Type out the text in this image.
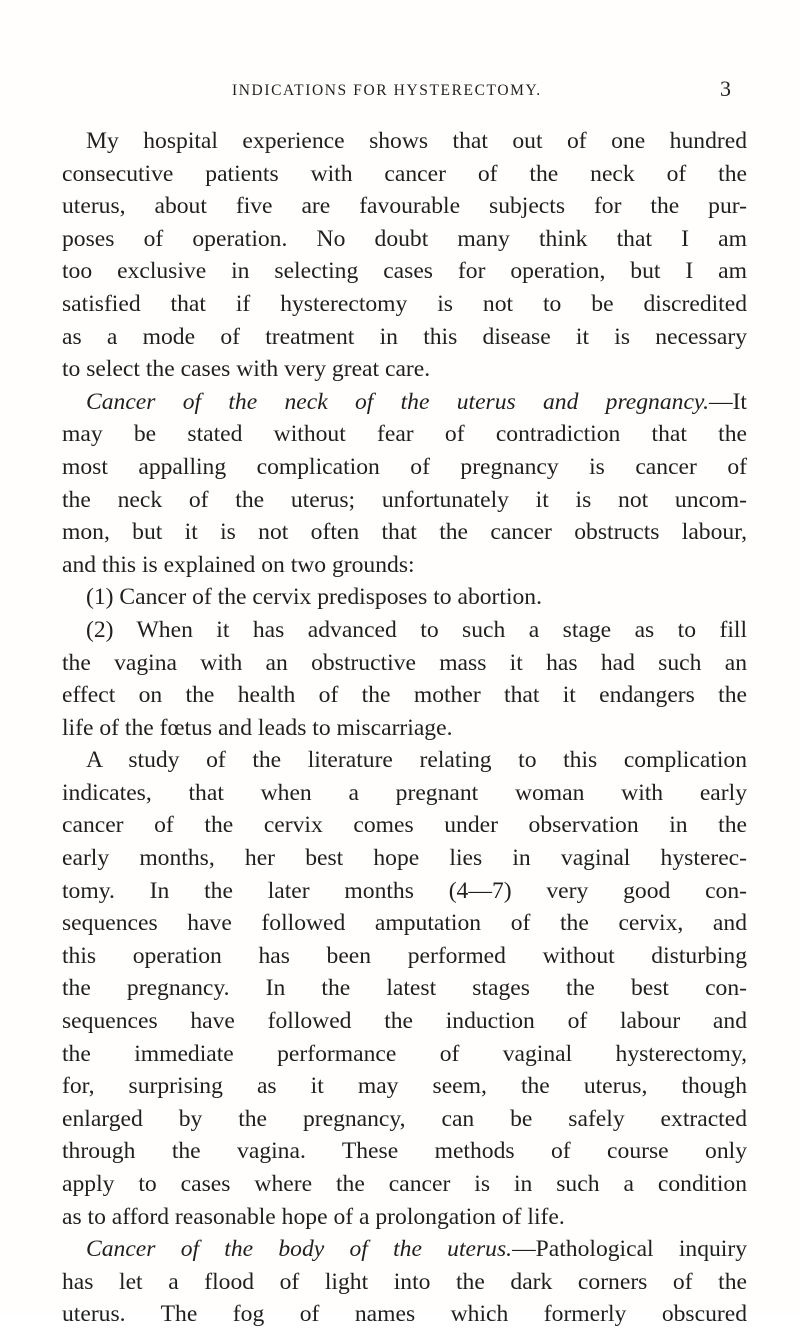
INDICATIONS FOR HYSTERECTOMY.	3
My hospital experience shows that out of one hundred
consecutive patients with cancer of the neck of the
uterus, about five are favourable subjects for the pur-
poses of operation. No doubt many think that I am
too exclusive in selecting cases for operation, but I am
satisfied that if hysterectomy is not to be discredited
as a mode of treatment in this disease it is necessary
to select the cases with very great care.
Cancer of the neck of the uterus and pregnancy.—It
may be stated without fear of contradiction that the
most appalling complication of pregnancy is cancer of
the neck of the uterus; unfortunately it is not uncom-
mon, but it is not often that the cancer obstructs labour,
and this is explained on two grounds:
(1) Cancer of the cervix predisposes to abortion.
(2) When it has advanced to such a stage as to fill
the vagina with an obstructive mass it has had such an
effect on the health of the mother that it endangers the
life of the fœtus and leads to miscarriage.
A study of the literature relating to this complication
indicates, that when a pregnant woman with early
cancer of the cervix comes under observation in the
early months, her best hope lies in vaginal hysterec-
tomy. In the later months (4—7) very good con-
sequences have followed amputation of the cervix, and
this operation has been performed without disturbing
the pregnancy. In the latest stages the best con-
sequences have followed the induction of labour and
the immediate performance of vaginal hysterectomy,
for, surprising as it may seem, the uterus, though
enlarged by the pregnancy, can be safely extracted
through the vagina. These methods of course only
apply to cases where the cancer is in such a condition
as to afford reasonable hope of a prolongation of life.
Cancer of the body of the uterus.—Pathological inquiry
has let a flood of light into the dark corners of the
uterus. The fog of names which formerly obscured
